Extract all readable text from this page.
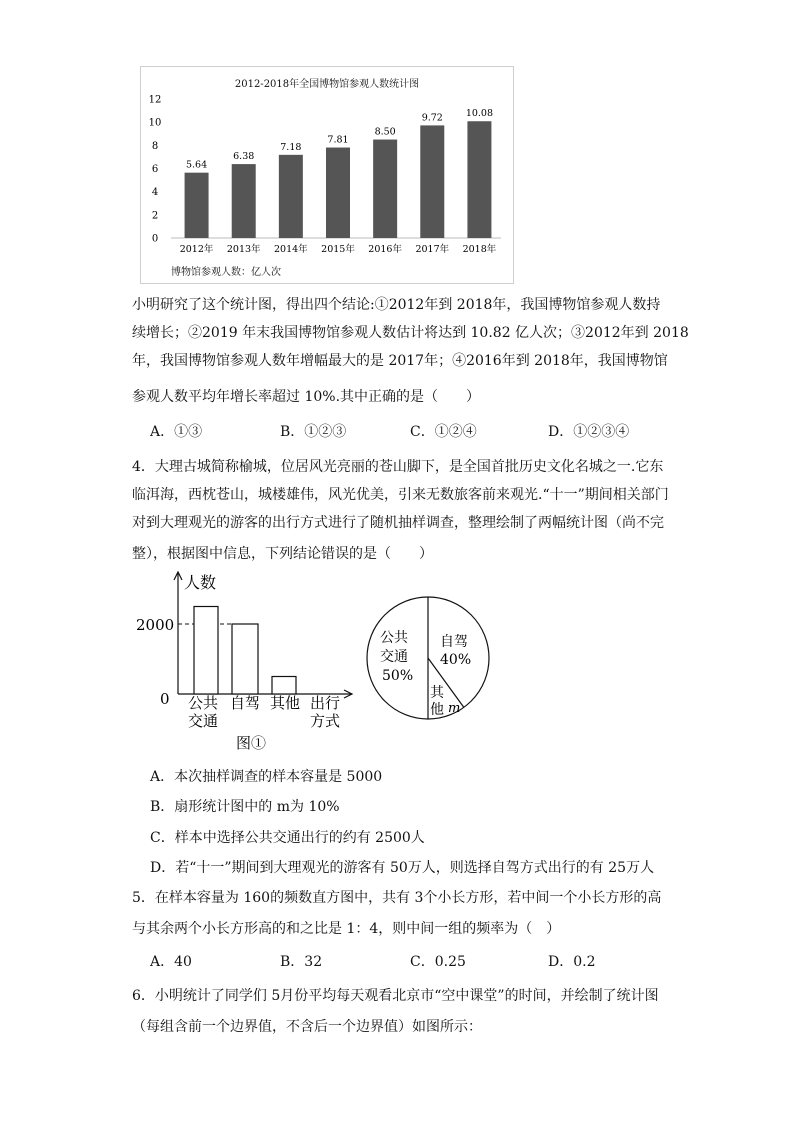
2012-2018年全国博物馆参观人数统计图
0
2
4
6
8
10
12
5.64
2012年
6.38
2013年
7.18
2014年
7.81
2015年
8.50
2016年
9.72
2017年
10.08
2018年
博物馆参观人数：亿人次
小明研究了这个统计图，得出四个结论:①2012年到 2018年，我国博物馆参观人数持
续增长；②2019 年末我国博物馆参观人数估计将达到 10.82 亿人次；③2012年到 2018
年，我国博物馆参观人数年增幅最大的是 2017年；④2016年到 2018年，我国博物馆
参观人数平均年增长率超过 10%.其中正确的是（　　）
A．①③	B．①②③	C．①②④	D．①②③④
4．大理古城简称榆城，位居风光亮丽的苍山脚下，是全国首批历史文化名城之一.它东
临洱海，西枕苍山，城楼雄伟，风光优美，引来无数旅客前来观光.“十一”期间相关部门
对到大理观光的游客的出行方式进行了随机抽样调查，整理绘制了两幅统计图（尚不完
整），根据图中信息，下列结论错误的是（　　）
人数
2000
0 公共
交通
自驾 其他 出行
方式
图①
公共
交通
50%
自驾
40%
其
他 m
A．本次抽样调查的样本容量是 5000
B．扇形统计图中的 m为 10%
C．样本中选择公共交通出行的约有 2500人
D．若“十一”期间到大理观光的游客有 50万人，则选择自驾方式出行的有 25万人
5．在样本容量为 160的频数直方图中，共有 3个小长方形，若中间一个小长方形的高
与其余两个小长方形高的和之比是 1：4，则中间一组的频率为（　）
A．40	B．32	C．0.25	D．0.2
6．小明统计了同学们 5月份平均每天观看北京市“空中课堂”的时间，并绘制了统计图
（每组含前一个边界值，不含后一个边界值）如图所示：
